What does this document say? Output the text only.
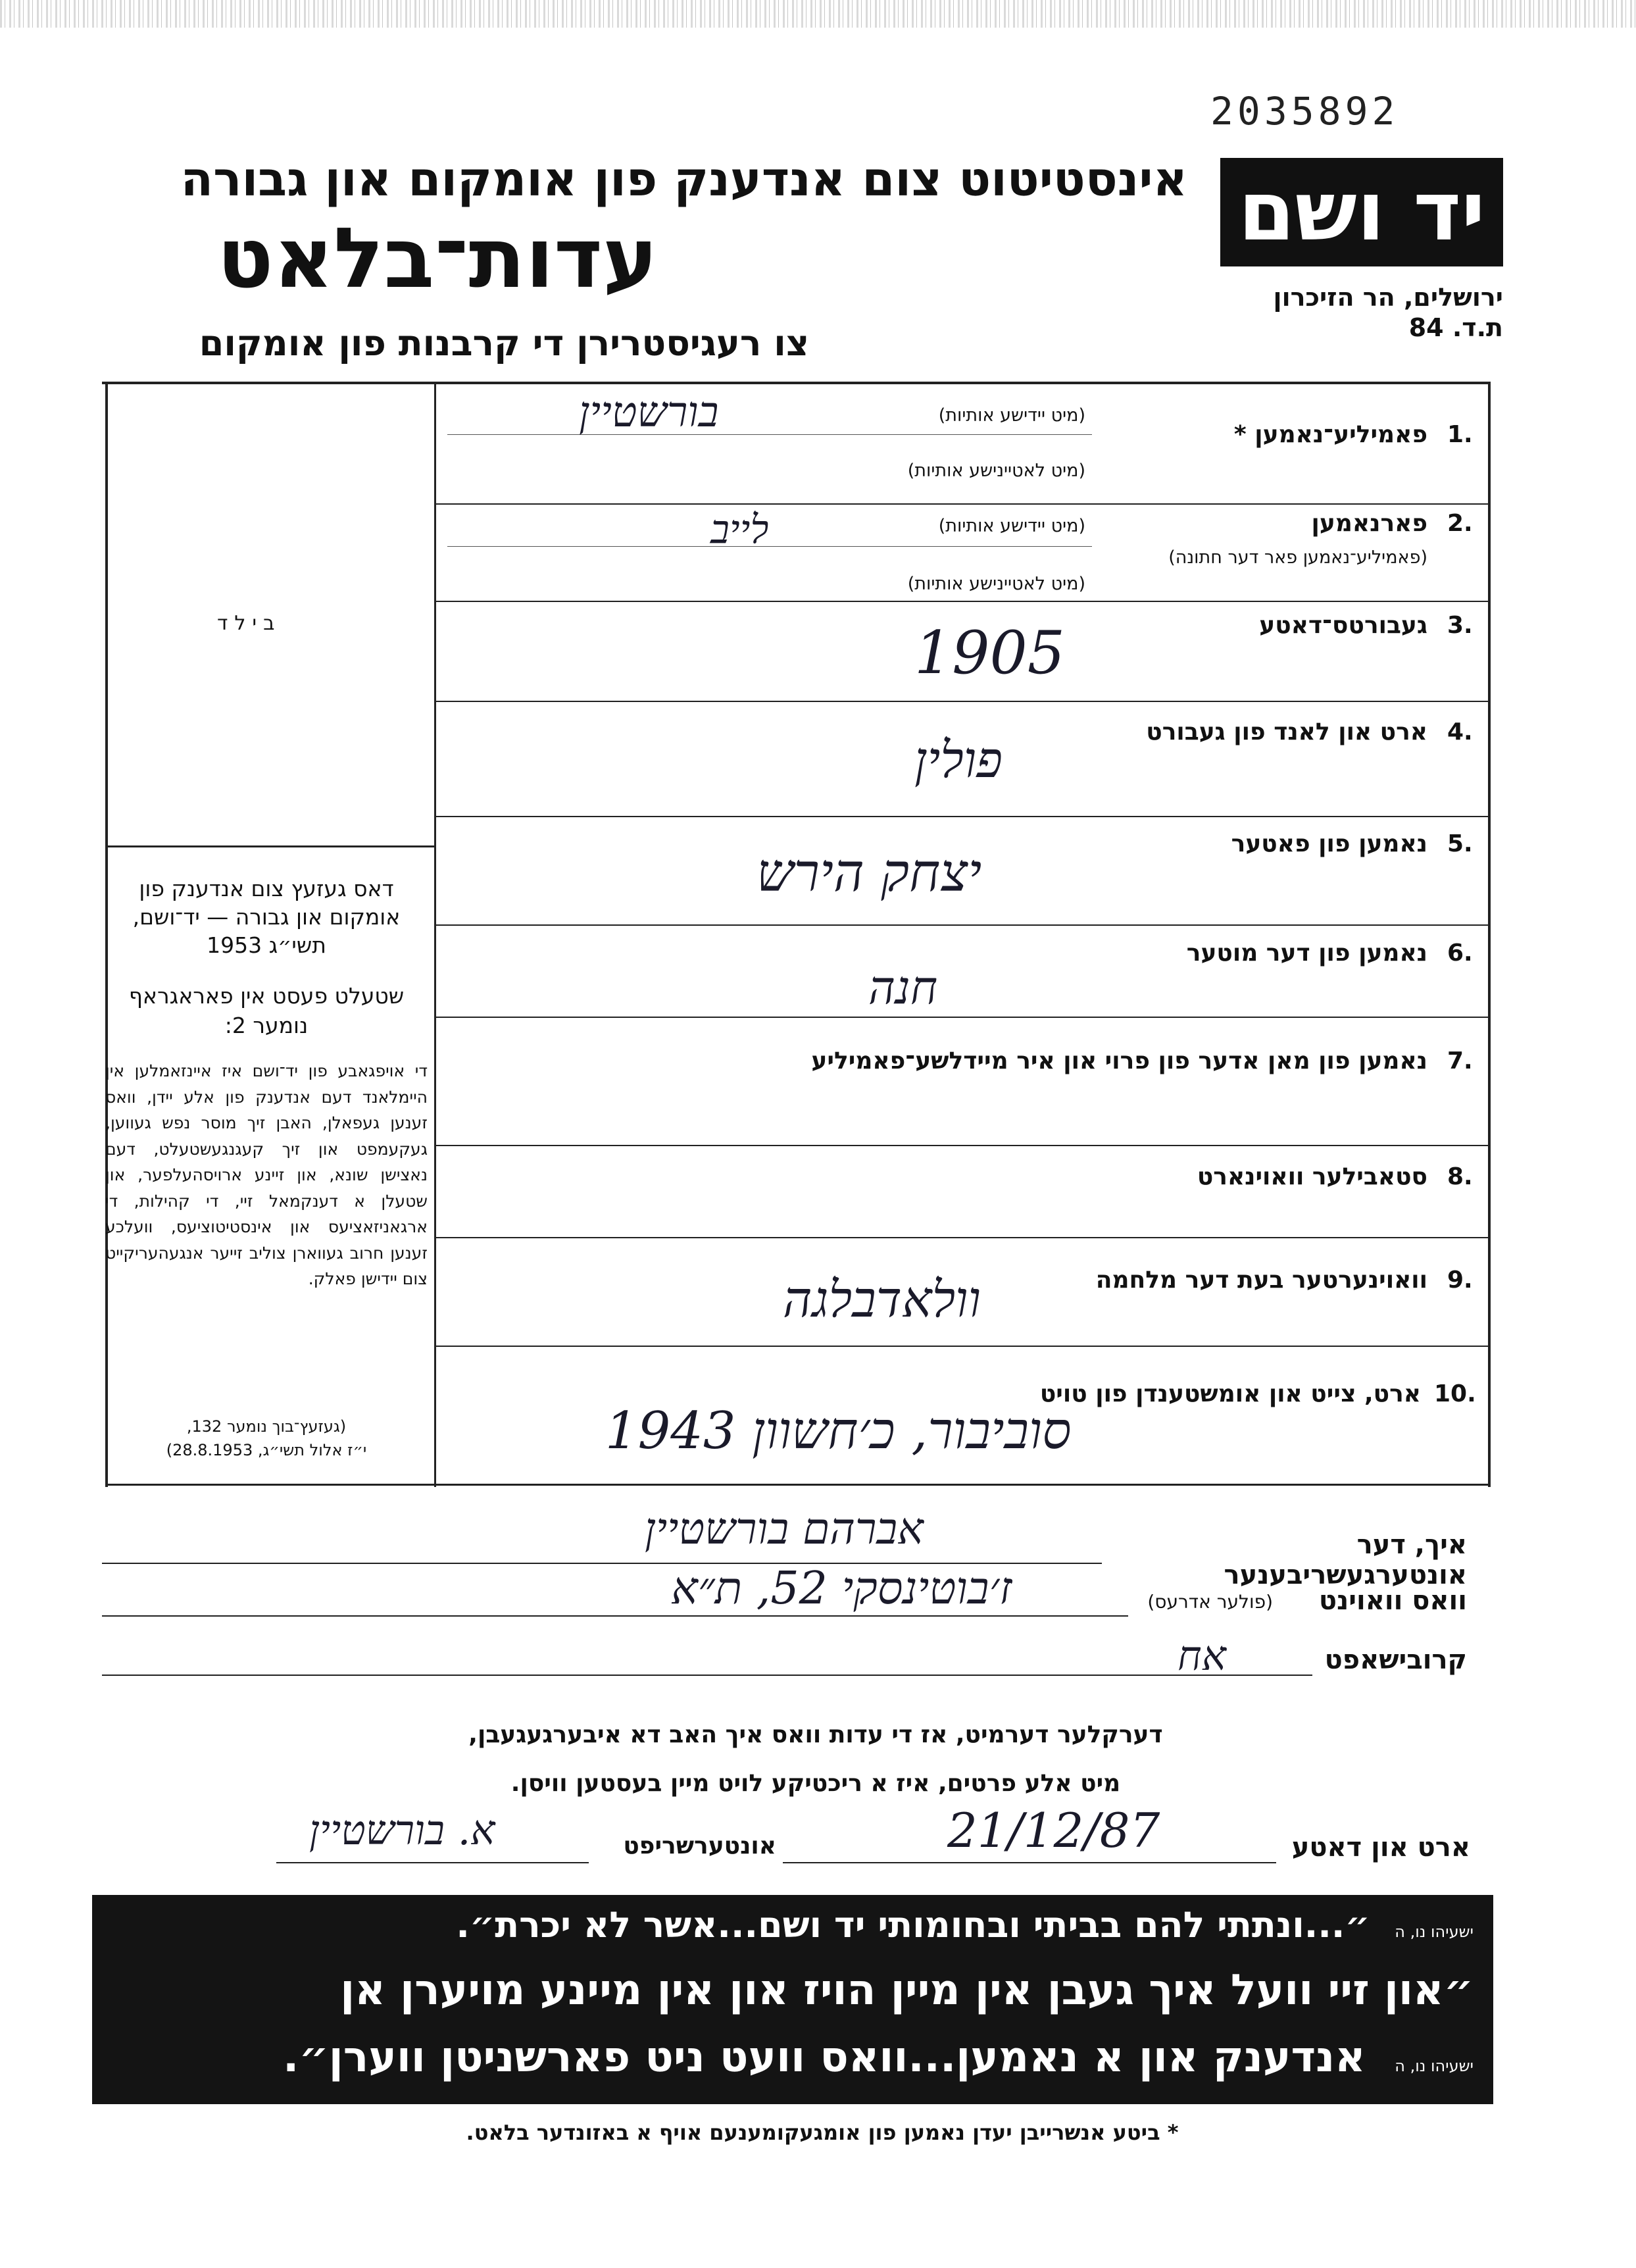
2035892
יד ושם
ירושלים, הר הזיכרון
ת.ד. 84
אינסטיטוט צום אנדענק פון אומקום און גבורה
עדות־בלאט
צו רעגיסטרירן די קרבנות פון אומקום
בילד
1.
פאמיליע־נאמען *
(מיט יידישע אותיות)
(מיט לאטיינישע אותיות)
בורשטיין
2.
פארנאמען
(פאמיליע־נאמען פאר דער חתונה)
(מיט יידישע אותיות)
(מיט לאטיינישע אותיות)
לייב
3.
געבורטס־דאטע
1905
4.
ארט און לאנד פון געבורט
פולין
5.
נאמען פון פאטער
יצחק הירש
6.
נאמען פון דער מוטער
חנה
7.
נאמען פון מאן אדער פון פרוי און איר מיידלשע־פאמיליע
8.
סטאבילער וואוינארט
9.
וואוינערטער בעת דער מלחמה
וולאדבלגה
10.
ארט, צייט און אומשטענדן פון טויט
סוביבור, כ׳חשוון 1943
דאס געזעץ צום אנדענק פון אומקום און גבורה — יד־ושם, תשי״ג 1953
שטעלט פעסט אין פאראגראף נומער 2:
די אויפגאבע פון יד־ושם איז איינזאמלען אין היימלאנד דעם אנדענק פון אלע יידן, וואס זענען געפאלן, האבן זיך מוסר נפש געווען, געקעמפט און זיך קעגנגעשטעלט, דעם נאצישן שונא, און זיינע ארויסהעלפער, און שטעלן א דענקמאל זיי, די קהילות, די ארגאניזאציעס און אינסטיטוציעס, וועלכע זענען חרוב געווארן צוליב זייער אנגעהעריקייט צום יידישן פאלק.
(געזעץ־בוך נומער 132,
י״ז אלול תשי״ג, 28.8.1953)
איך, דער אונטערגעשריבענער
אברהם בורשטיין
וואס וואוינט
(פולער אדרעס)
ז׳בוטינסקי 52, ת״א
קרובישאפט
אח
דערקלער דערמיט, אז די עדות וואס איך האב דא איבערגעגעבן,
מיט אלע פרטים, איז א ריכטיקע לויט מיין בעסטען וויסן.
ארט און דאטע
21/12/87
אונטערשריפט
א. בורשטיין
ישעיהו נו, ה  ״...ונתתי להם בביתי ובחומותי יד ושם...אשר לא יכרת״.
״און זיי וועל איך געבן אין מיין הויז און אין מיינע מויערן אן
ישעיהו נו, ה  אנדענק און א נאמען...וואס וועט ניט פארשניטן ווערן״.
* ביטע אנשרייבן יעדן נאמען פון אומגעקומענעם אויף א באזונדער בלאט.
